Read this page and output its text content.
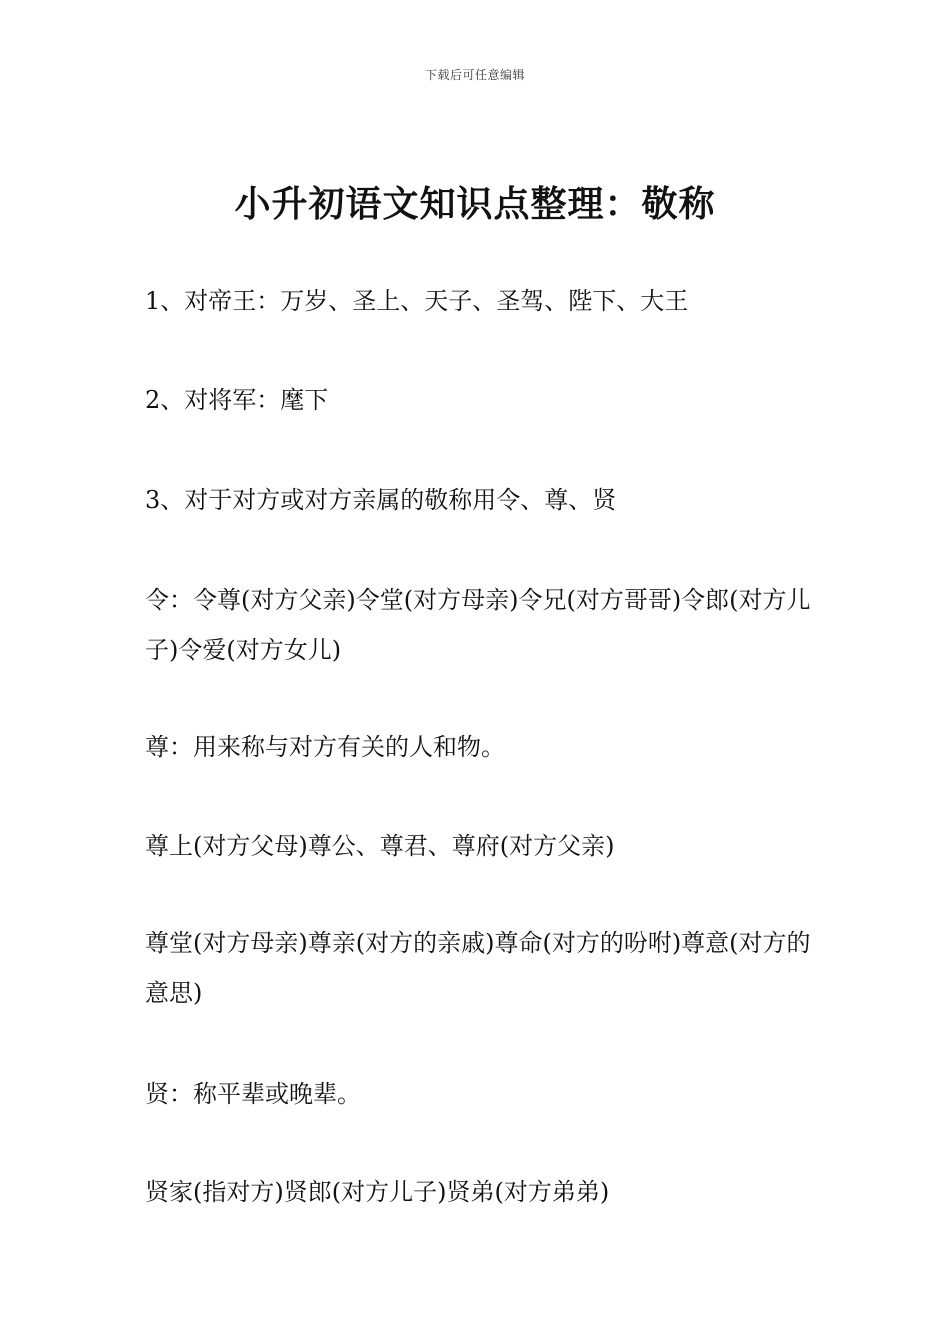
下载后可任意编辑
小升初语文知识点整理：敬称

1、对帝王：万岁、圣上、天子、圣驾、陛下、大王

2、对将军：麾下

3、对于对方或对方亲属的敬称用令、尊、贤

令：令尊(对方父亲)令堂(对方母亲)令兄(对方哥哥)令郎(对方儿子)令爱(对方女儿)

尊：用来称与对方有关的人和物。

尊上(对方父母)尊公、尊君、尊府(对方父亲)

尊堂(对方母亲)尊亲(对方的亲戚)尊命(对方的吩咐)尊意(对方的意思)

贤：称平辈或晚辈。

贤家(指对方)贤郎(对方儿子)贤弟(对方弟弟)
